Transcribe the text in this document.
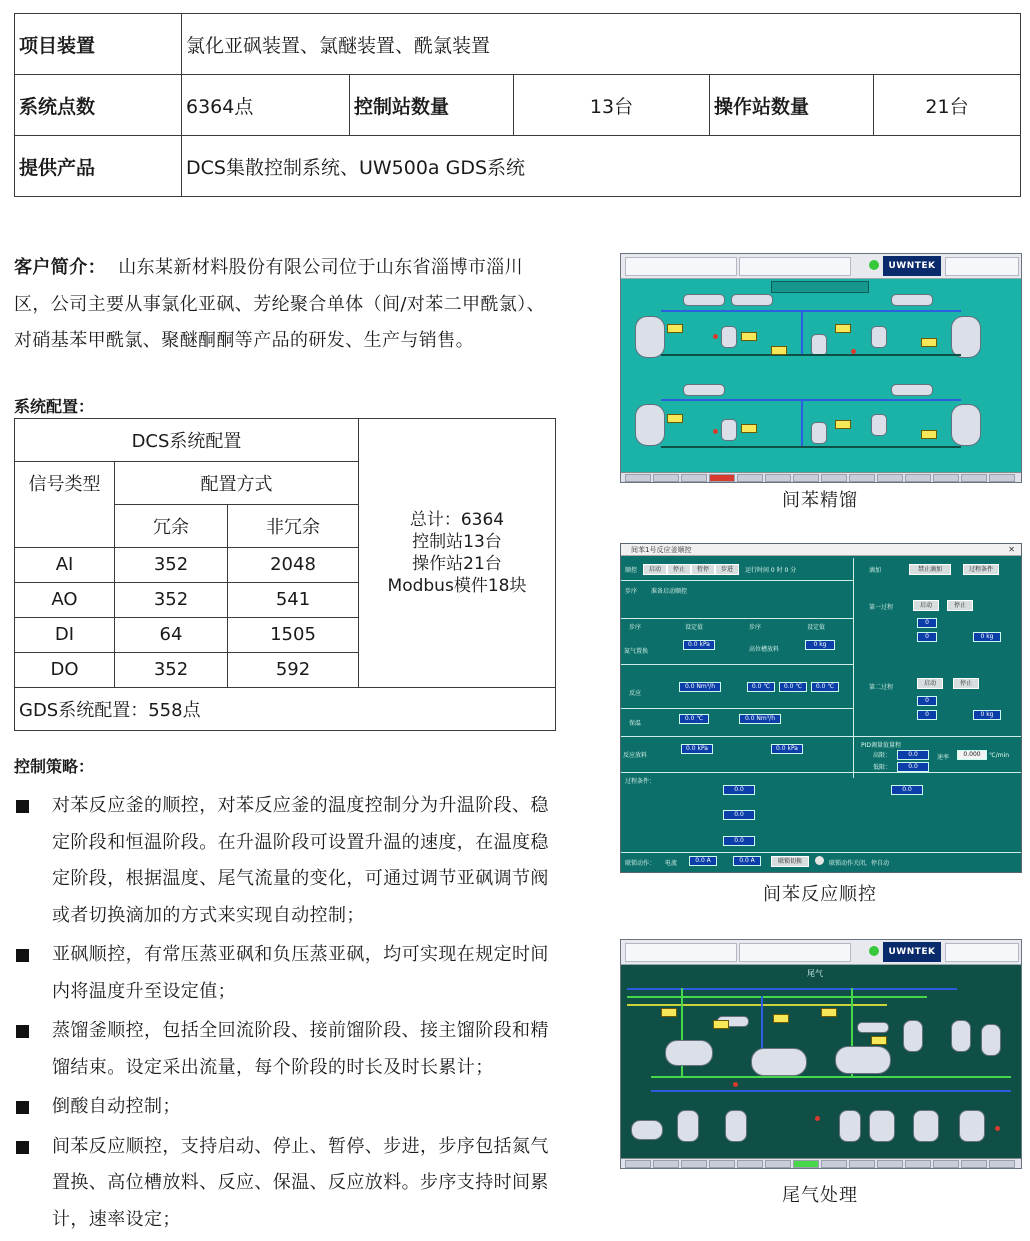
项目装置	氯化亚砜装置、氯醚装置、酰氯装置				
系统点数	6364点	控制站数量	13台	操作站数量	21台
提供产品	DCS集散控制系统、UW500a GDS系统				
客户简介： 山东某新材料股份有限公司位于山东省淄博市淄川区，公司主要从事氯化亚砜、芳纶聚合单体（间/对苯二甲酰氯）、对硝基苯甲酰氯、聚醚酮酮等产品的研发、生产与销售。
系统配置：
DCS系统配置			总计：6364
控制站13台
操作站21台
Modbus模件18块

信号类型	配置方式		
	冗余	非冗余	
AI	352	2048	
AO	352	541	
DI	64	1505	
DO	352	592	
GDS系统配置：558点			
控制策略：
对苯反应釜的顺控，对苯反应釜的温度控制分为升温阶段、稳定阶段和恒温阶段。在升温阶段可设置升温的速度，在温度稳定阶段，根据温度、尾气流量的变化，可通过调节亚砜调节阀或者切换滴加的方式来实现自动控制；
亚砜顺控，有常压蒸亚砜和负压蒸亚砜，均可实现在规定时间内将温度升至设定值；
蒸馏釜顺控，包括全回流阶段、接前馏阶段、接主馏阶段和精馏结束。设定采出流量，每个阶段的时长及时长累计；
倒酸自动控制；
间苯反应顺控，支持启动、停止、暂停、步进，步序包括氮气置换、高位槽放料、反应、保温、反应放料。步序支持时间累计，速率设定；
UWNTEK
间苯精馏
间苯1号反应釜顺控	✕
顺控	启动	停止	暂停	步进	运行时间 0 时 0 分	滴加	禁止滴加	过程条件
步序 准备启动顺控
步序	设定值	步序	设定值
氮气置换
0.0 kPa
高位槽放料
0 kg
反应
0.0 Nm³/h	0.0 ℃	0.0 ℃	0.0 ℃
保温
0.0 ℃	0.0 Nm³/h
反应放料
0.0 kPa	0.0 kPa
第一过程	启动	停止
0
0	0 kg
第二过程
启动	停止
0
0	0 kg
PID调量值量程
高限：	0.0
低限：	0.0
速率	0.000	℃/min
过程条件：
0.0	0.0
0.0
0.0
联锁动作： 电流	0.0 A	0.0 A	联锁切换	联锁动作关闭，停自动
间苯反应顺控
UWNTEK
尾气
尾气处理
